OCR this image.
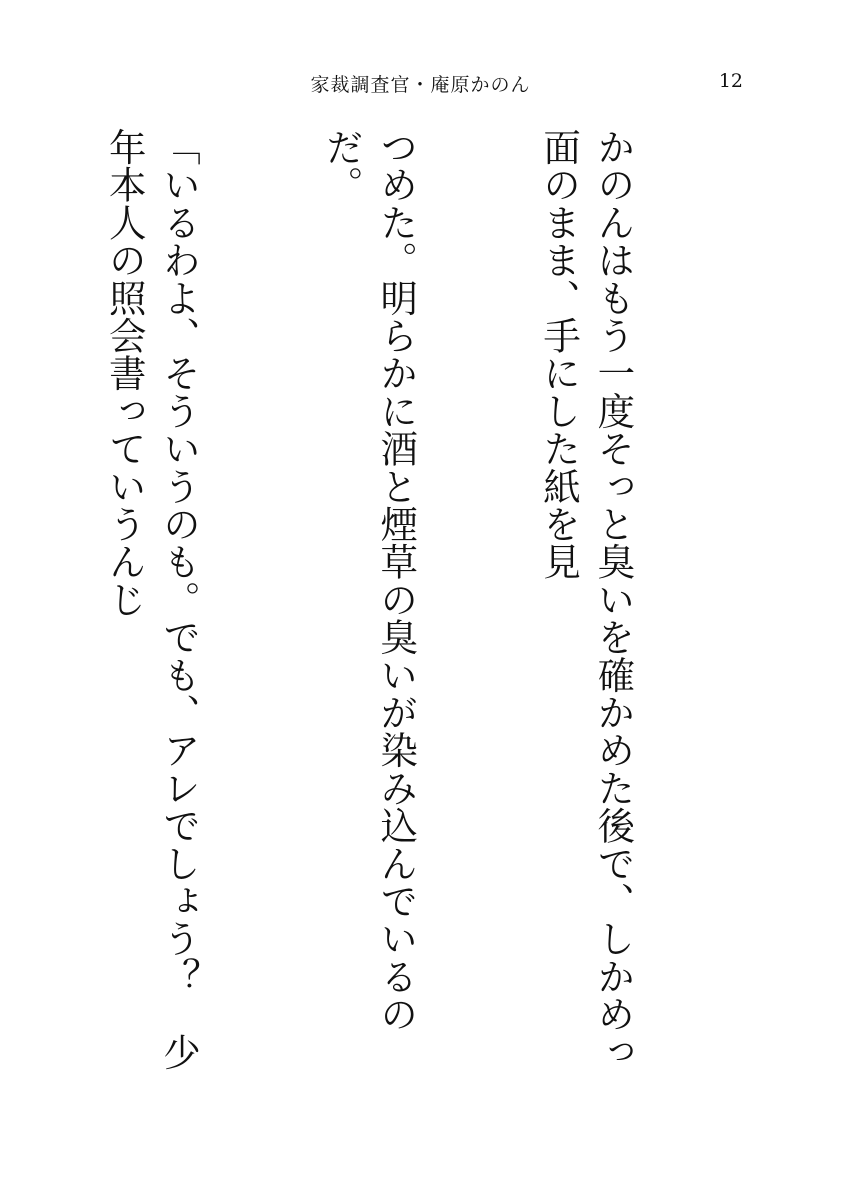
家裁調査官・庵原かのん	12

かのんはもう一度そっと臭いを確かめた後で、しかめっ面のまま、手にした紙を見

つめた。明らかに酒と煙草の臭いが染み込んでいるのだ。

「いるわよ、そういうのも。でも、アレでしょう？　少年本人の照会書っていうんじ
